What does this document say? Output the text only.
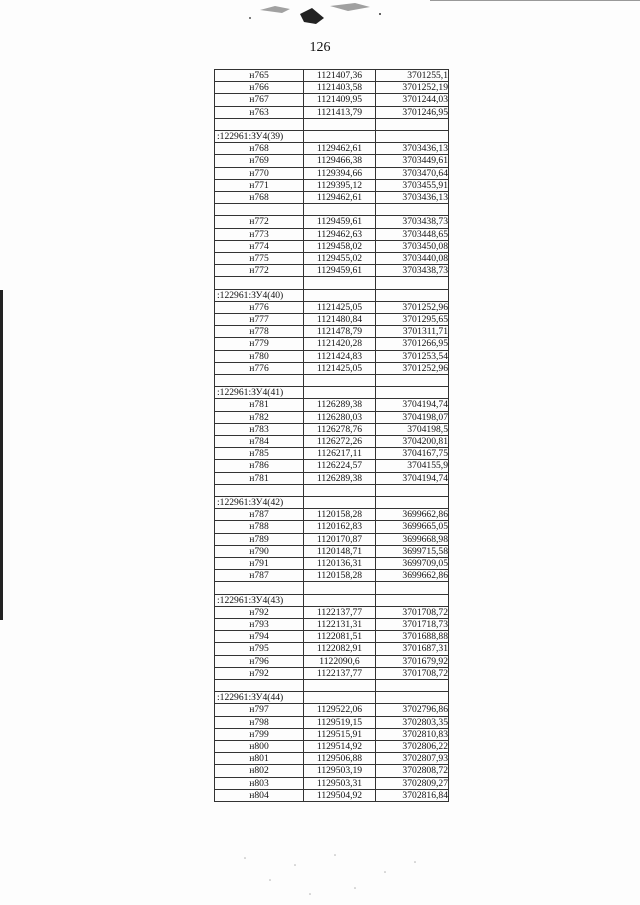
126
н765	1121407,36	3701255,1
н766	1121403,58	3701252,19
н767	1121409,95	3701244,03
н763	1121413,79	3701246,95

:122961:ЗУ4(39)		
н768	1129462,61	3703436,13
н769	1129466,38	3703449,61
н770	1129394,66	3703470,64
н771	1129395,12	3703455,91
н768	1129462,61	3703436,13

н772	1129459,61	3703438,73
н773	1129462,63	3703448,65
н774	1129458,02	3703450,08
н775	1129455,02	3703440,08
н772	1129459,61	3703438,73

:122961:ЗУ4(40)		
н776	1121425,05	3701252,96
н777	1121480,84	3701295,65
н778	1121478,79	3701311,71
н779	1121420,28	3701266,95
н780	1121424,83	3701253,54
н776	1121425,05	3701252,96

:122961:ЗУ4(41)		
н781	1126289,38	3704194,74
н782	1126280,03	3704198,07
н783	1126278,76	3704198,5
н784	1126272,26	3704200,81
н785	1126217,11	3704167,75
н786	1126224,57	3704155,9
н781	1126289,38	3704194,74

:122961:ЗУ4(42)		
н787	1120158,28	3699662,86
н788	1120162,83	3699665,05
н789	1120170,87	3699668,98
н790	1120148,71	3699715,58
н791	1120136,31	3699709,05
н787	1120158,28	3699662,86

:122961:ЗУ4(43)		
н792	1122137,77	3701708,72
н793	1122131,31	3701718,73
н794	1122081,51	3701688,88
н795	1122082,91	3701687,31
н796	1122090,6	3701679,92
н792	1122137,77	3701708,72

:122961:ЗУ4(44)		
н797	1129522,06	3702796,86
н798	1129519,15	3702803,35
н799	1129515,91	3702810,83
н800	1129514,92	3702806,22
н801	1129506,88	3702807,93
н802	1129503,19	3702808,72
н803	1129503,31	3702809,27
н804	1129504,92	3702816,84
